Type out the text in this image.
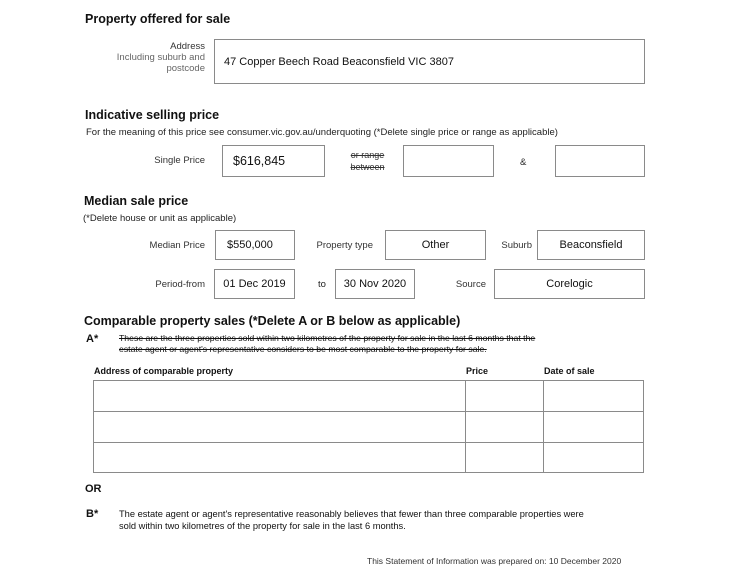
Property offered for sale
Address
Including suburb and
postcode
47 Copper Beech Road Beaconsfield VIC 3807
Indicative selling price
For the meaning of this price see consumer.vic.gov.au/underquoting (*Delete single price or range as applicable)
Single Price $616,845	or range
between	&
Median sale price
(*Delete house or unit as applicable)
Median Price $550,000	Property type	Other	Suburb	Beaconsfield
Period-from 01 Dec 2019	to 30 Nov 2020	Source	Corelogic
Comparable property sales (*Delete A or B below as applicable)
A* These are the three properties sold within two kilometres of the property for sale in the last 6 months that the
estate agent or agent's representative considers to be most comparable to the property for sale.
Address of comparable property	Price	Date of sale
OR
B* The estate agent or agent's representative reasonably believes that fewer than three comparable properties were
sold within two kilometres of the property for sale in the last 6 months.
This Statement of Information was prepared on: 10 December 2020
